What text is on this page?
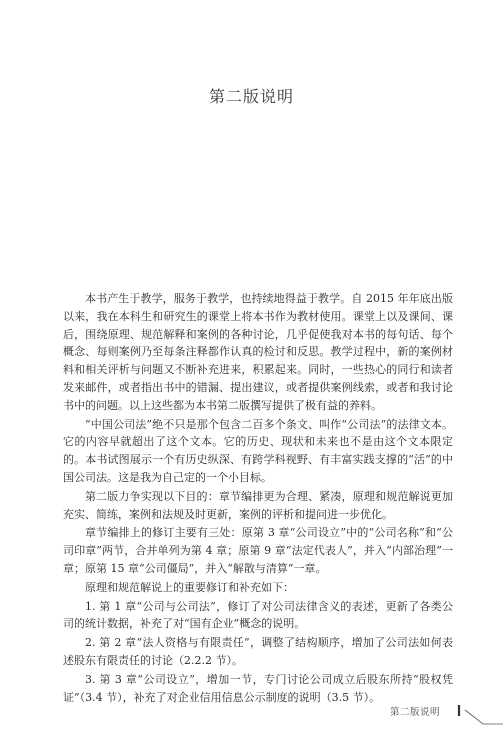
第二版说明

本书产生于教学，服务于教学，也持续地得益于教学。自 2015 年年底出版以来，我在本科生和研究生的课堂上将本书作为教材使用。课堂上以及课间、课后，围绕原理、规范解释和案例的各种讨论，几乎促使我对本书的每句话、每个概念、每则案例乃至每条注释都作认真的检讨和反思。教学过程中，新的案例材料和相关评析与问题又不断补充进来，积累起来。同时，一些热心的同行和读者发来邮件，或者指出书中的错漏、提出建议，或者提供案例线索，或者和我讨论书中的问题。以上这些都为本书第二版撰写提供了极有益的养料。

“中国公司法”绝不只是那个包含二百多个条文、叫作“公司法”的法律文本。它的内容早就超出了这个文本。它的历史、现状和未来也不是由这个文本限定的。本书试图展示一个有历史纵深、有跨学科视野、有丰富实践支撑的“活”的中国公司法。这是我为自己定的一个小目标。

第二版力争实现以下目的：章节编排更为合理、紧凑，原理和规范解说更加充实、简练，案例和法规及时更新，案例的评析和提问进一步优化。

章节编排上的修订主要有三处：原第 3 章“公司设立”中的“公司名称”和“公司印章”两节，合并单列为第 4 章；原第 9 章“法定代表人”，并入“内部治理”一章；原第 15 章“公司僵局”，并入“解散与清算”一章。

原理和规范解说上的重要修订和补充如下：

1. 第 1 章“公司与公司法”，修订了对公司法律含义的表述，更新了各类公司的统计数据，补充了对“国有企业”概念的说明。

2. 第 2 章“法人资格与有限责任”，调整了结构顺序，增加了公司法如何表述股东有限责任的讨论（2.2.2 节）。

3. 第 3 章“公司设立”，增加一节，专门讨论公司成立后股东所持“股权凭证”（3.4 节），补充了对企业信用信息公示制度的说明（3.5 节）。

第二版说明
